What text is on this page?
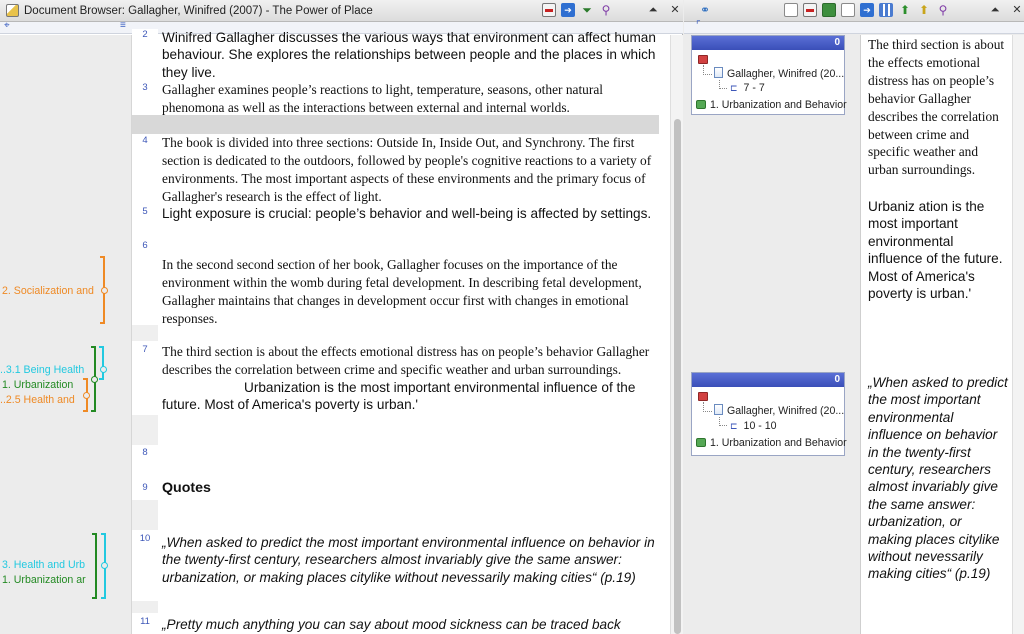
Document Browser: Gallagher, Winifred (2007) - The Power of Place	➔ ⏷ ⚲	⏶ ✕
⌖	≡
2. Socialization and
..3.1 Being Health
1. Urbanization
..2.5 Health and
3. Health and Urb
1. Urbanization ar
2	Winifred Gallagher discusses the various ways that environment can affect human behaviour. She explores the relationships between people and the places in which they live.
3	Gallagher examines people’s reactions to light, temperature, seasons, other natural phenomona as well as the interactions between external and internal worlds.
4	The book is divided into three sections: Outside In, Inside Out, and Synchrony. The first section is dedicated to the outdoors, followed by people's cognitive reactions to a variety of environments. The most important aspects of these environments and the primary focus of Gallagher's research is the effect of light.
5	Light exposure is crucial: people’s behavior and well-being is affected by settings.
6
In the second second section of her book, Gallagher focuses on the importance of the environment within the womb during fetal development. In describing fetal development, Gallagher maintains that changes in development occur first with changes in emotional responses.
7	The third section is about the effects emotional distress has on people’s behavior Gallagher describes the correlation between crime and specific weather and urban surroundings.
Urbanization is the most important environmental influence of the future. Most of America's poverty is urban.'
8
9	Quotes
10 „When asked to predict the most important environmental influence on behavior in the twenty-first century, researchers almost invariably give the same answer: urbanization, or making places citylike without nevessarily making cities“ (p.19)
11 „Pretty much anything you can say about mood sickness can be traced back
⚭	➔ ⬆ ⬆ ⚲	⏶ ✕
⌜
0
Gallagher, Winifred (20...
⊏ 7 - 7
1. Urbanization and Behavior
0
Gallagher, Winifred (20...
⊏ 10 - 10
1. Urbanization and Behavior
The third section is about the effects emotional distress has on people’s behavior Gallagher describes the correlation between crime and specific weather and urban surroundings.
Urbaniz ation is the most important environmental influence of the future. Most of America's poverty is urban.'
„When asked to predict the most important environmental influence on behavior in the twenty-first century, researchers almost invariably give the same answer: urbanization, or making places citylike without nevessarily making cities“ (p.19)
